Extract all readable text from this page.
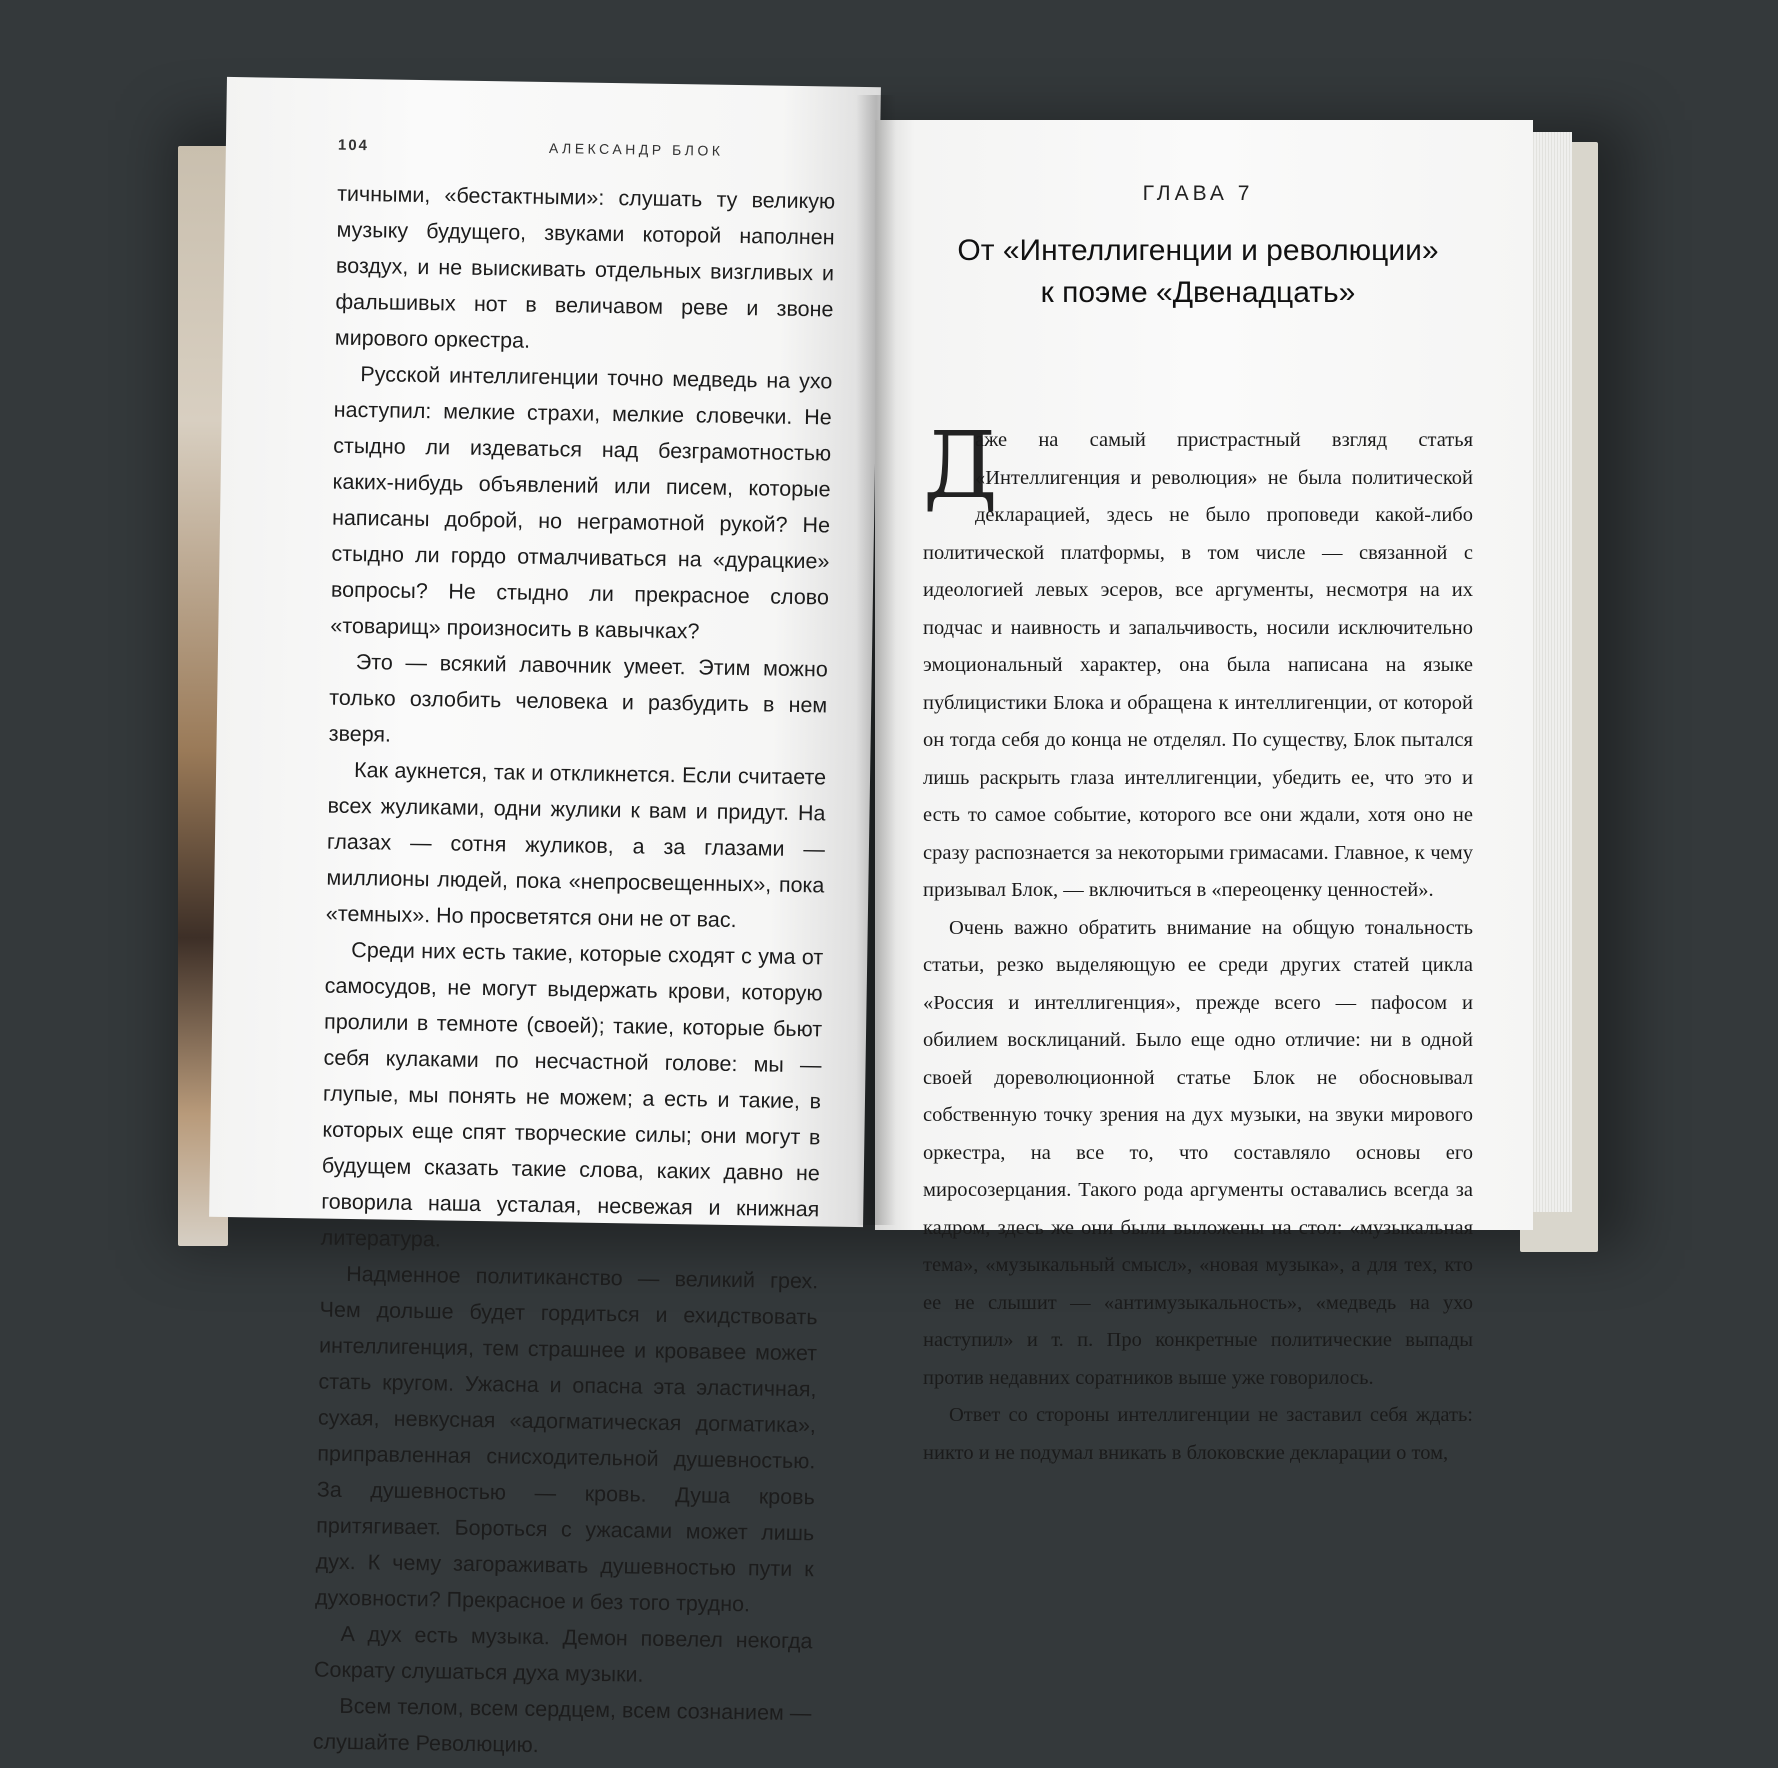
104	АЛЕКСАНДР БЛОК

тичными, «бестактными»: слушать ту великую музыку будущего, звуками которой наполнен воздух, и не выискивать отдельных визгливых и фальшивых нот в величавом реве и звоне мирового оркестра.

Русской интеллигенции точно медведь на ухо наступил: мелкие страхи, мелкие словечки. Не стыдно ли издеваться над безграмотностью каких-нибудь объявлений или писем, которые написаны доброй, но неграмотной рукой? Не стыдно ли гордо отмалчиваться на «дурацкие» вопросы? Не стыдно ли прекрасное слово «товарищ» произносить в кавычках?

Это — всякий лавочник умеет. Этим можно только озлобить человека и разбудить в нем зверя.

Как аукнется, так и откликнется. Если считаете всех жуликами, одни жулики к вам и придут. На глазах — сотня жуликов, а за глазами — миллионы людей, пока «непросвещенных», пока «темных». Но просветятся они не от вас.

Среди них есть такие, которые сходят с ума от самосудов, не могут выдержать крови, которую пролили в темноте (своей); такие, которые бьют себя кулаками по несчастной голове: мы — глупые, мы понять не можем; а есть и такие, в которых еще спят творческие силы; они могут в будущем сказать такие слова, каких давно не говорила наша усталая, несвежая и книжная литература.

Надменное политиканство — великий грех. Чем дольше будет гордиться и ехидствовать интеллигенция, тем страшнее и кровавее может стать кругом. Ужасна и опасна эта эластичная, сухая, невкусная «адогматическая догматика», приправленная снисходительной душевностью. За душевностью — кровь. Душа кровь притягивает. Бороться с ужасами может лишь дух. К чему загораживать душевностью пути к духовности? Прекрасное и без того трудно.

А дух есть музыка. Демон повелел некогда Сократу слушаться духа музыки.

Всем телом, всем сердцем, всем сознанием — слушайте Революцию.

ГЛАВА 7
От «Интеллигенции и революции»
к поэме «Двенадцать»

Д
аже на самый пристрастный взгляд статья «Интеллигенция и революция» не была политической декларацией, здесь не было проповеди какой-либо политической платформы, в том числе — связанной с идеологией левых эсеров, все аргументы, несмотря на их подчас и наивность и запальчивость, носили исключительно эмоциональный характер, она была написана на языке публицистики Блока и обращена к интеллигенции, от которой он тогда себя до конца не отделял. По существу, Блок пытался лишь раскрыть глаза интеллигенции, убедить ее, что это и есть то самое событие, которого все они ждали, хотя оно не сразу распознается за некоторыми гримасами. Главное, к чему призывал Блок, — включиться в «переоценку ценностей».

Очень важно обратить внимание на общую тональность статьи, резко выделяющую ее среди других статей цикла «Россия и интеллигенция», прежде всего — пафосом и обилием восклицаний. Было еще одно отличие: ни в одной своей дореволюционной статье Блок не обосновывал собственную точку зрения на дух музыки, на звуки мирового оркестра, на все то, что составляло основы его миросозерцания. Такого рода аргументы оставались всегда за кадром, здесь же они были выложены на стол: «музыкальная тема», «музыкальный смысл», «новая музыка», а для тех, кто ее не слышит — «антимузыкальность», «медведь на ухо наступил» и т. п. Про конкретные политические выпады против недавних соратников выше уже говорилось.

Ответ со стороны интеллигенции не заставил себя ждать: никто и не подумал вникать в блоковские декларации о том,
